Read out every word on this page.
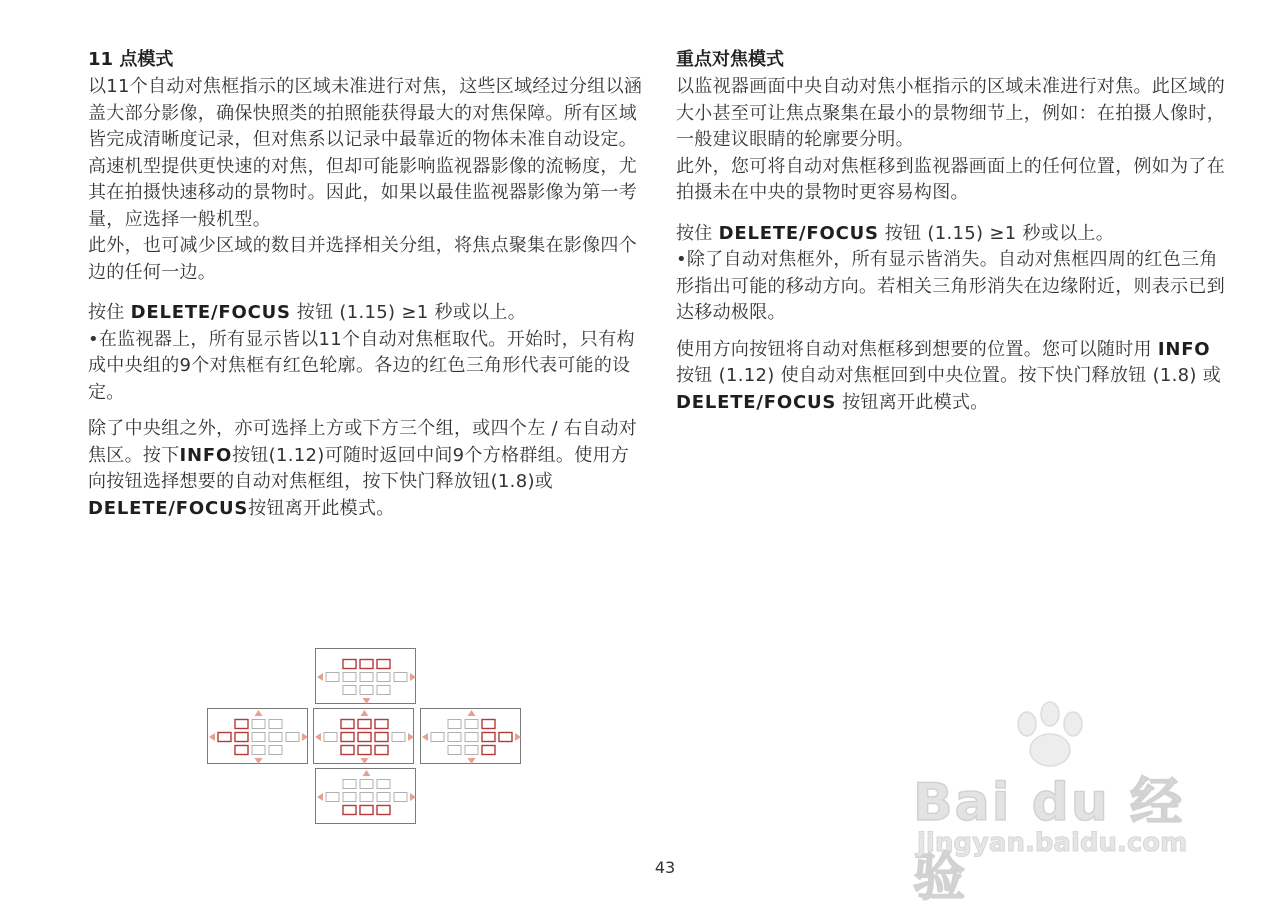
11 点模式

以11个自动对焦框指示的区域未准进行对焦，这些区域经过分组以涵盖大部分影像，确保快照类的拍照能获得最大的对焦保障。所有区域皆完成清晰度记录，但对焦系以记录中最靠近的物体未准自动设定。

高速机型提供更快速的对焦，但却可能影响监视器影像的流畅度，尤其在拍摄快速移动的景物时。因此，如果以最佳监视器影像为第一考量，应选择一般机型。

此外，也可减少区域的数目并选择相关分组，将焦点聚集在影像四个边的任何一边。

按住 DELETE/FOCUS 按钮 (1.15) ≥1 秒或以上。

•在监视器上，所有显示皆以11个自动对焦框取代。开始时，只有构成中央组的9个对焦框有红色轮廓。各边的红色三角形代表可能的设定。

除了中央组之外，亦可选择上方或下方三个组，或四个左 / 右自动对焦区。按下INFO按钮(1.12)可随时返回中间9个方格群组。使用方向按钮选择想要的自动对焦框组，按下快门释放钮(1.8)或DELETE/FOCUS按钮离开此模式。

重点对焦模式

以监视器画面中央自动对焦小框指示的区域未准进行对焦。此区域的大小甚至可让焦点聚集在最小的景物细节上，例如：在拍摄人像时，一般建议眼睛的轮廓要分明。

此外，您可将自动对焦框移到监视器画面上的任何位置，例如为了在拍摄未在中央的景物时更容易构图。

按住 DELETE/FOCUS 按钮 (1.15) ≥1 秒或以上。

•除了自动对焦框外，所有显示皆消失。自动对焦框四周的红色三角形指出可能的移动方向。若相关三角形消失在边缘附近，则表示已到达移动极限。

使用方向按钮将自动对焦框移到想要的位置。您可以随时用 INFO 按钮 (1.12) 使自动对焦框回到中央位置。按下快门释放钮 (1.8) 或 DELETE/FOCUS 按钮离开此模式。

43
Bai du 经验
jingyan.baidu.com
